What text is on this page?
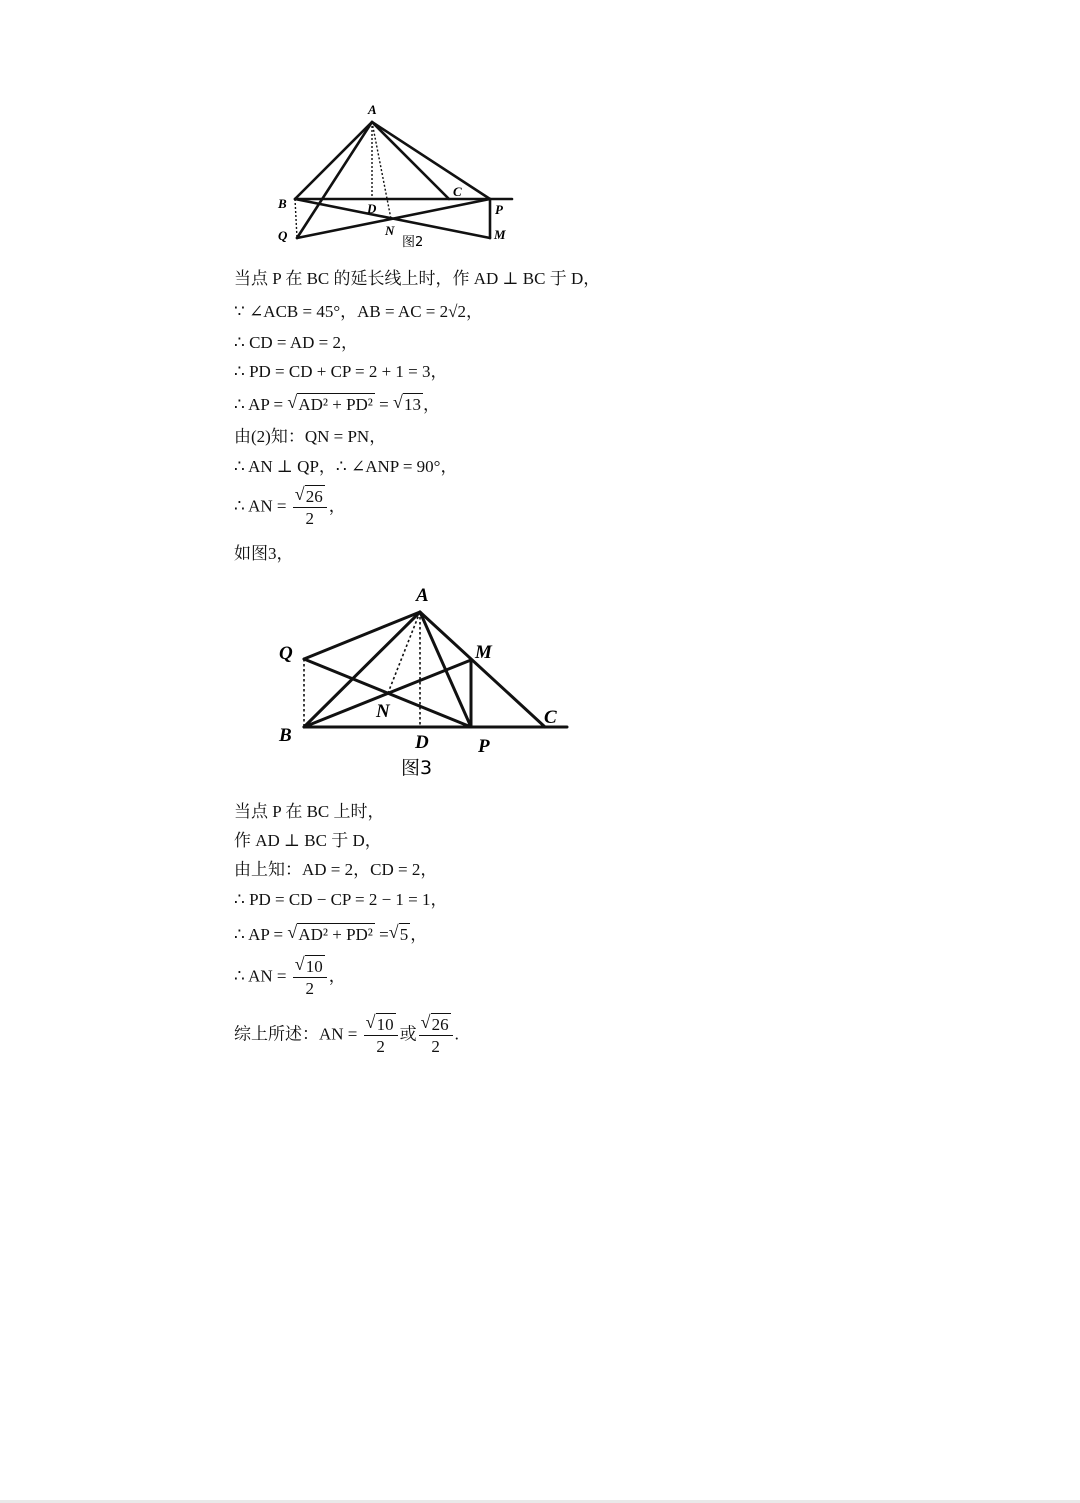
A
B
C
D	P
Q	N	M
图2
当点 P 在 BC 的延长线上时，作 AD ⊥ BC 于 D，
∵ ∠ACB = 45°，AB = AC = 2√2，
∴ CD = AD = 2，
∴ PD = CD + CP = 2 + 1 = 3，
∴ AP = √ AD² + PD² = √ 13 ，
由(2)知：QN = PN，
∴ AN ⊥ QP，∴ ∠ANP = 90°，
∴ AN = $\frac{√ 26}{2}$ ，
如图3，
A
Q	M
N
B	D	P
C
图3
当点 P 在 BC 上时，
作 AD ⊥ BC 于 D，
由上知：AD = 2，CD = 2，
∴ PD = CD − CP = 2 − 1 = 1，
∴ AP = √ AD² + PD² = √ 5 ，
∴ AN = $\frac{√ 10}{2}$ ，
综上所述：AN = $\frac{√ 10}{2}$ 或 $\frac{√ 26}{2}$ .
